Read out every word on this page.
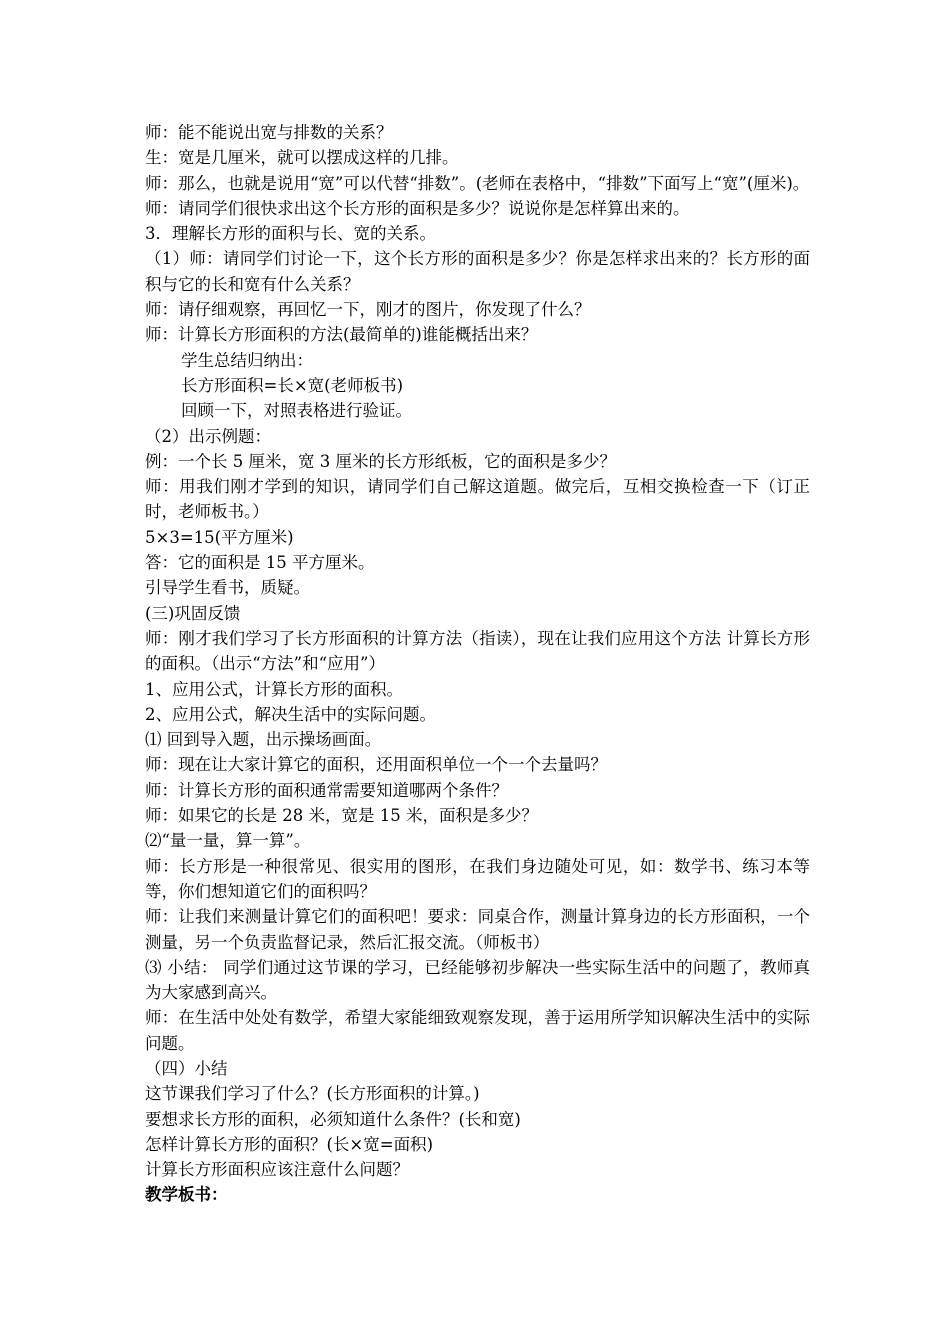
师：能不能说出宽与排数的关系？

生：宽是几厘米，就可以摆成这样的几排。

师：那么，也就是说用“宽”可以代替“排数”。(老师在表格中，“排数”下面写上“宽”(厘米)。

师：请同学们很快求出这个长方形的面积是多少？说说你是怎样算出来的。

3．理解长方形的面积与长、宽的关系。

（1）师：请同学们讨论一下，这个长方形的面积是多少？你是怎样求出来的？长方形的面积与它的长和宽有什么关系？

师：请仔细观察，再回忆一下，刚才的图片，你发现了什么？

师：计算长方形面积的方法(最简单的)谁能概括出来？

学生总结归纳出：

长方形面积=长×宽(老师板书)

回顾一下，对照表格进行验证。

（2）出示例题：

例：一个长 5 厘米，宽 3 厘米的长方形纸板，它的面积是多少？

师：用我们刚才学到的知识，请同学们自己解这道题。做完后，互相交换检查一下（订正时，老师板书。）

5×3=15(平方厘米)

答：它的面积是 15 平方厘米。

引导学生看书，质疑。

(三)巩固反馈

师：刚才我们学习了长方形面积的计算方法（指读），现在让我们应用这个方法 计算长方形的面积。（出示“方法”和“应用”）

1、应用公式，计算长方形的面积。

2、应用公式，解决生活中的实际问题。

⑴ 回到导入题，出示操场画面。

师：现在让大家计算它的面积，还用面积单位一个一个去量吗？

师：计算长方形的面积通常需要知道哪两个条件？

师：如果它的长是 28 米，宽是 15 米，面积是多少？

⑵“量一量，算一算”。

师：长方形是一种很常见、很实用的图形，在我们身边随处可见，如：数学书、练习本等等，你们想知道它们的面积吗？

师：让我们来测量计算它们的面积吧！要求：同桌合作，测量计算身边的长方形面积，一个测量，另一个负责监督记录，然后汇报交流。（师板书）

⑶ 小结： 同学们通过这节课的学习，已经能够初步解决一些实际生活中的问题了，教师真为大家感到高兴。

师：在生活中处处有数学，希望大家能细致观察发现，善于运用所学知识解决生活中的实际问题。

（四）小结

这节课我们学习了什么？(长方形面积的计算。)

要想求长方形的面积，必须知道什么条件？(长和宽)

怎样计算长方形的面积？(长×宽=面积)

计算长方形面积应该注意什么问题？

教学板书：
